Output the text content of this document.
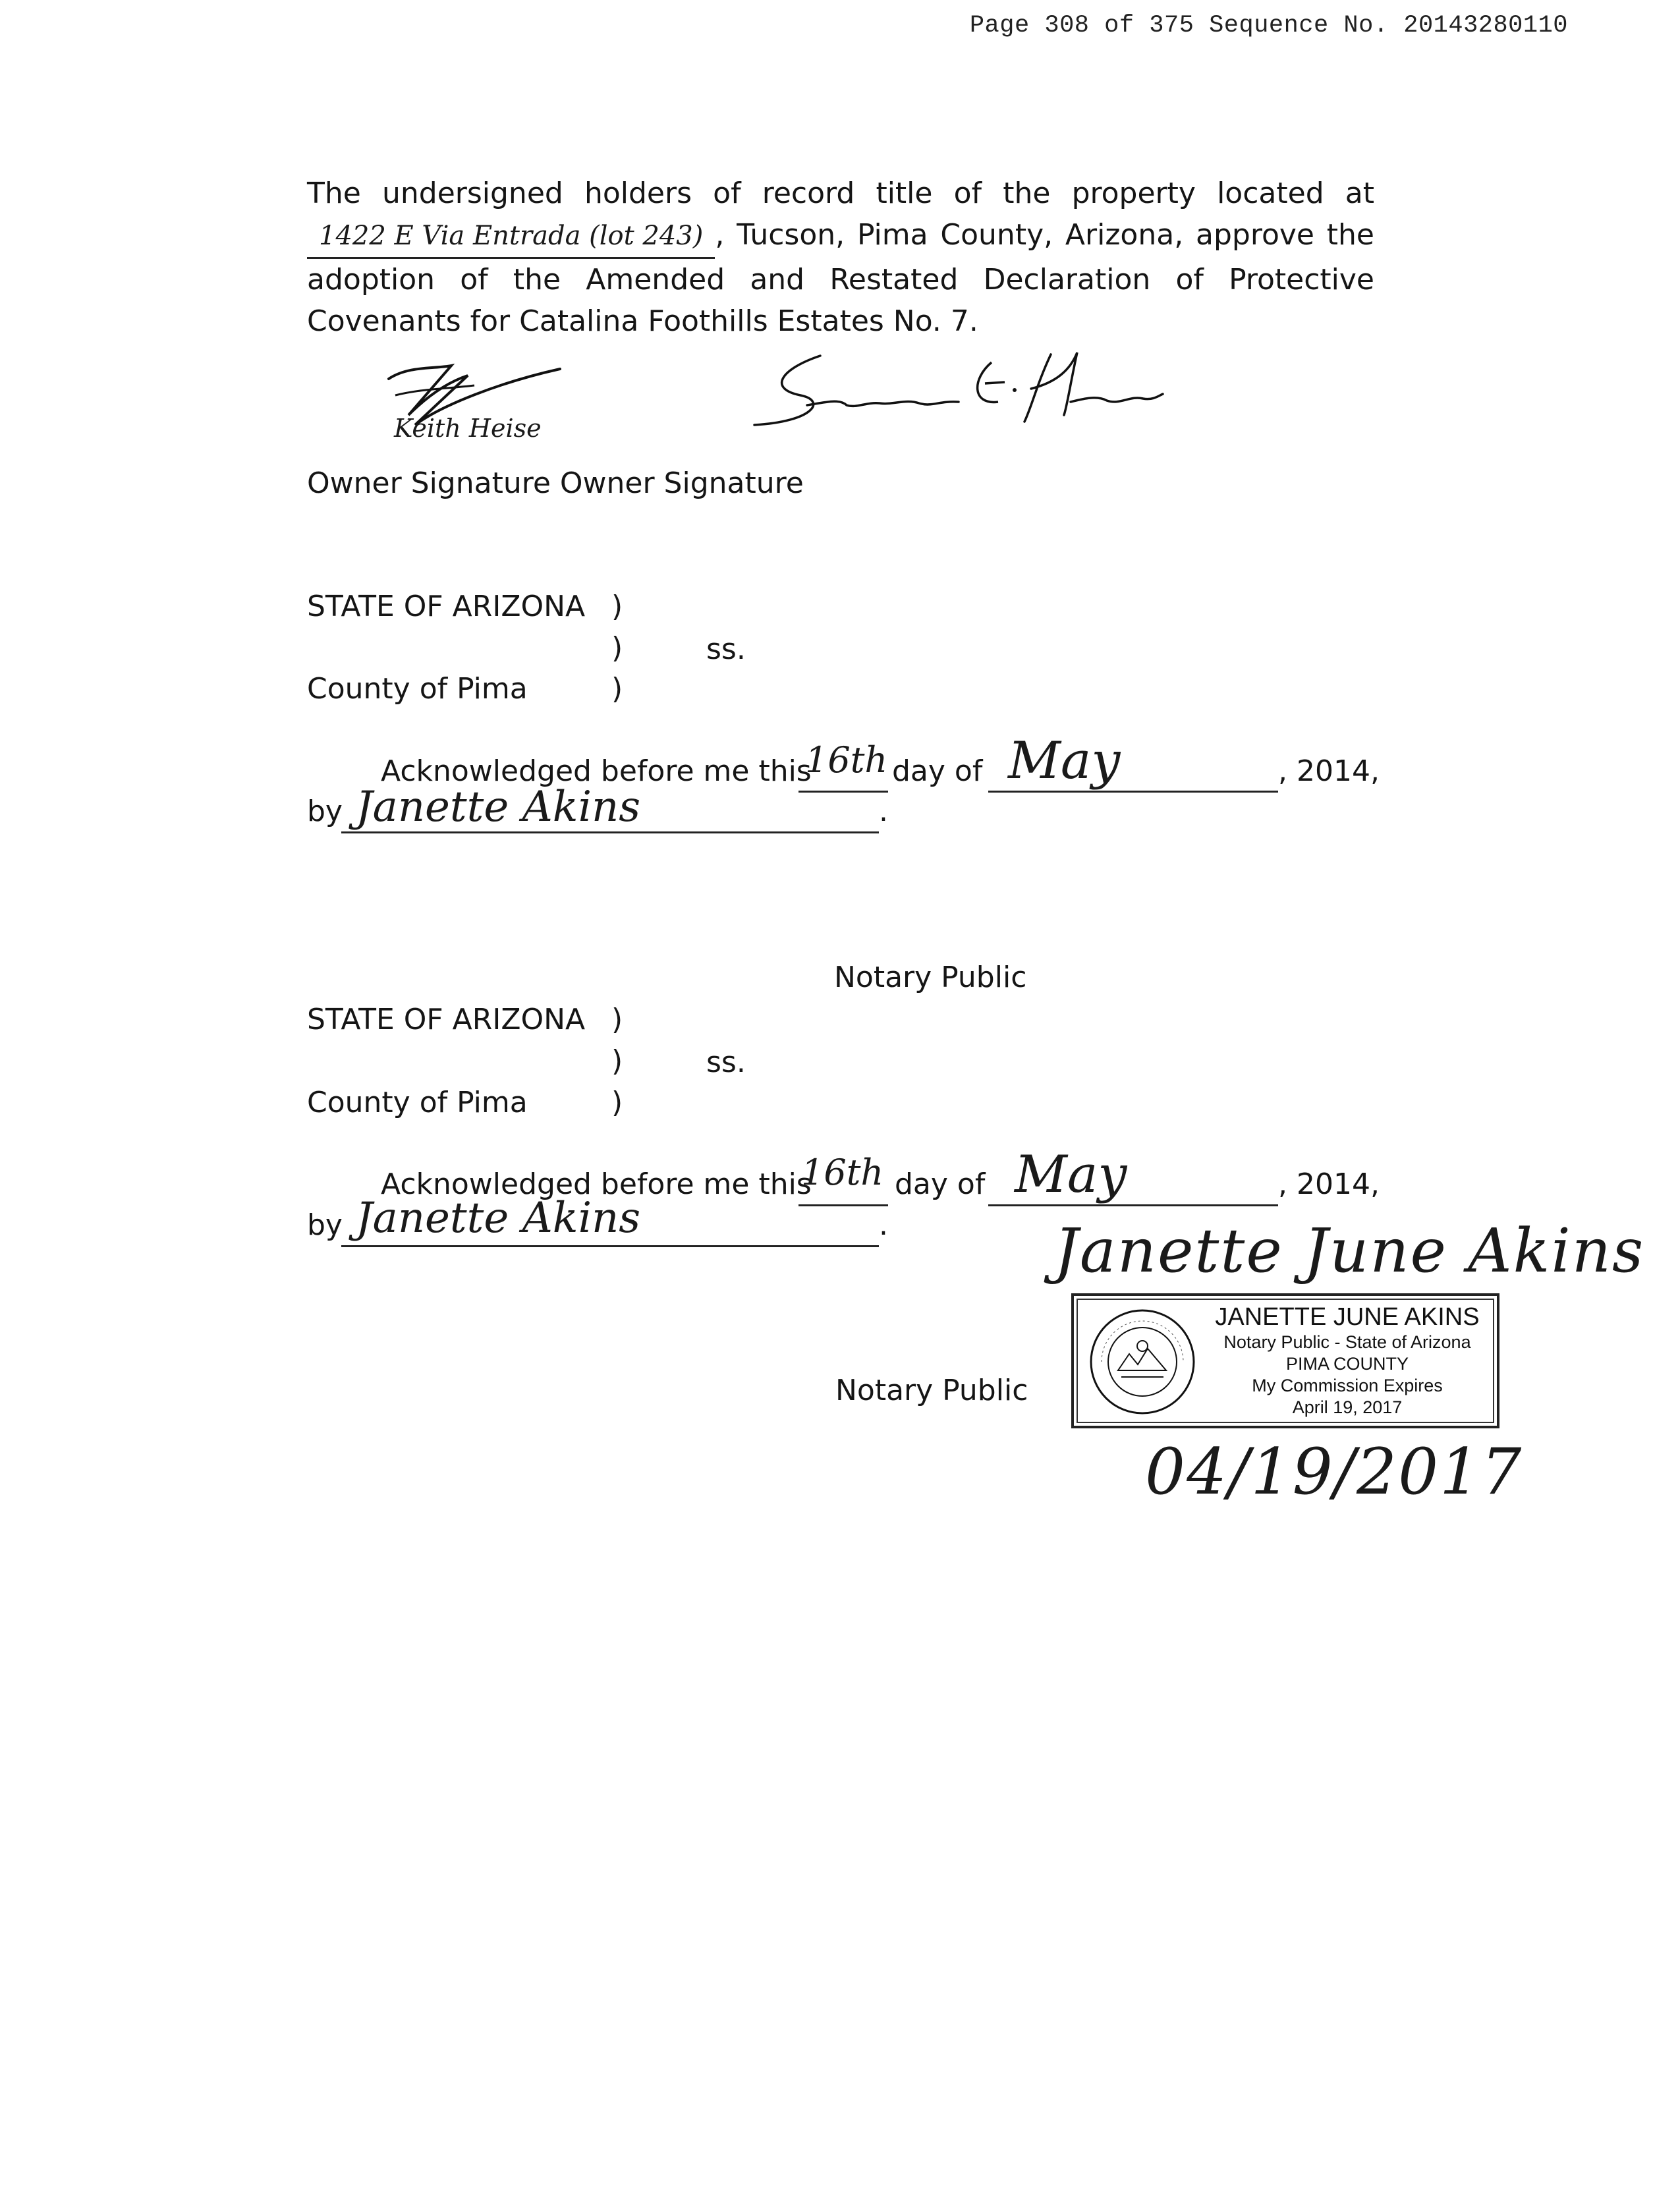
Page 308 of 375 Sequence No. 20143280110
The undersigned holders of record title of the property located at 1422 E Via Entrada (lot 243) , Tucson, Pima County, Arizona, approve the adoption of the Amended and Restated Declaration of Protective Covenants for Catalina Foothills Estates No. 7.
Keith Heise
Owner Signature Owner Signature
STATE OF ARIZONA )
)	ss.
County of Pima	)
Acknowledged before me this
16th day of May	, 2014,
by Janette Akins	.
Notary Public
STATE OF ARIZONA )
)	ss.
County of Pima	)
Acknowledged before me this
16th day of May	, 2014,
by Janette Akins	.	Janette June Akins
JANETTE JUNE AKINS
Notary Public - State of Arizona
PIMA COUNTY
My Commission Expires
April 19, 2017
Notary Public
04/19/2017
